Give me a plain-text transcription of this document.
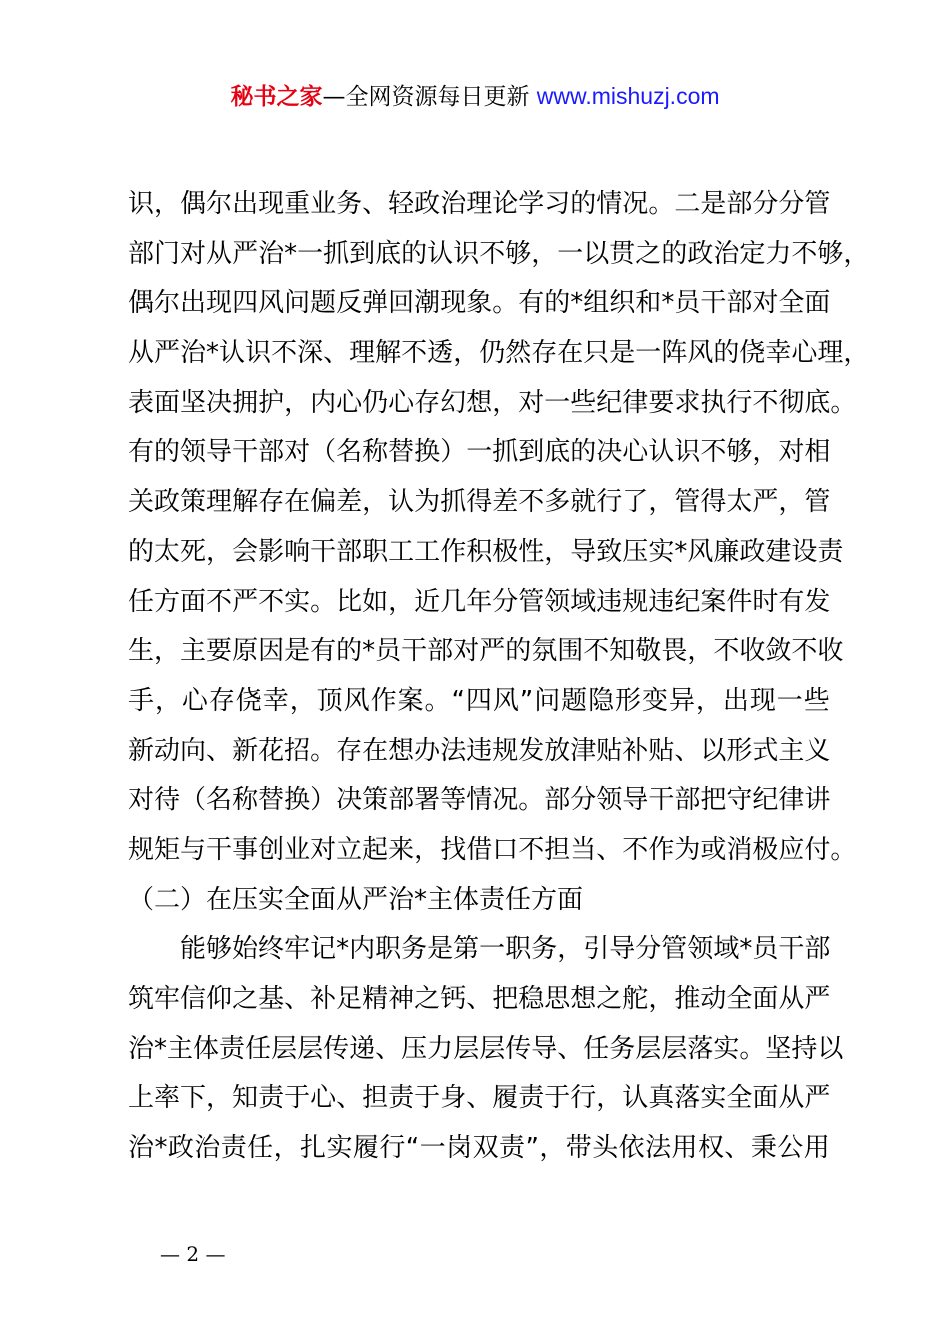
秘书之家—全网资源每日更新 www.mishuzj.com
识 ， 偶 尔 出 现 重 业 务 、 轻 政 治 理 论 学 习 的 情 况 。 二 是 部 分 分 管
部 门 对 从 严 治 * 一 抓 到 底 的 认 识 不 够 ， 一 以 贯 之 的 政 治 定 力 不 够 ，
偶 尔 出 现 四 风 问 题 反 弹 回 潮 现 象 。 有 的 * 组 织 和 * 员 干 部 对 全 面
从 严 治 * 认 识 不 深 、 理 解 不 透 ， 仍 然 存 在 只 是 一 阵 风 的 侥 幸 心 理 ，
表 面 坚 决 拥 护 ， 内 心 仍 心 存 幻 想 ， 对 一 些 纪 律 要 求 执 行 不 彻 底 。
有 的 领 导 干 部 对 （ 名 称 替 换 ） 一 抓 到 底 的 决 心 认 识 不 够 ， 对 相
关 政 策 理 解 存 在 偏 差 ， 认 为 抓 得 差 不 多 就 行 了 ， 管 得 太 严 ， 管
的 太 死 ， 会 影 响 干 部 职 工 工 作 积 极 性 ， 导 致 压 实 * 风 廉 政 建 设 责
任 方 面 不 严 不 实 。 比 如 ， 近 几 年 分 管 领 域 违 规 违 纪 案 件 时 有 发
生 ， 主 要 原 因 是 有 的 * 员 干 部 对 严 的 氛 围 不 知 敬 畏 ， 不 收 敛 不 收
手 ， 心 存 侥 幸 ， 顶 风 作 案 。 “ 四 风 ” 问 题 隐 形 变 异 ， 出 现 一 些
新 动 向 、 新 花 招 。 存 在 想 办 法 违 规 发 放 津 贴 补 贴 、 以 形 式 主 义
对 待 （ 名 称 替 换 ） 决 策 部 署 等 情 况 。 部 分 领 导 干 部 把 守 纪 律 讲
规 矩 与 干 事 创 业 对 立 起 来 ， 找 借 口 不 担 当 、 不 作 为 或 消 极 应 付 。
（二）在压实全面从严治*主体责任方面
能 够 始 终 牢 记 * 内 职 务 是 第 一 职 务 ， 引 导 分 管 领 域 * 员 干 部
筑 牢 信 仰 之 基 、 补 足 精 神 之 钙 、 把 稳 思 想 之 舵 ， 推 动 全 面 从 严
治 * 主 体 责 任 层 层 传 递 、 压 力 层 层 传 导 、 任 务 层 层 落 实 。 坚 持 以
上 率 下 ， 知 责 于 心 、 担 责 于 身 、 履 责 于 行 ， 认 真 落 实 全 面 从 严
治 * 政 治 责 任 ， 扎 实 履 行 “ 一 岗 双 责 ” ， 带 头 依 法 用 权 、 秉 公 用
— 2 —
